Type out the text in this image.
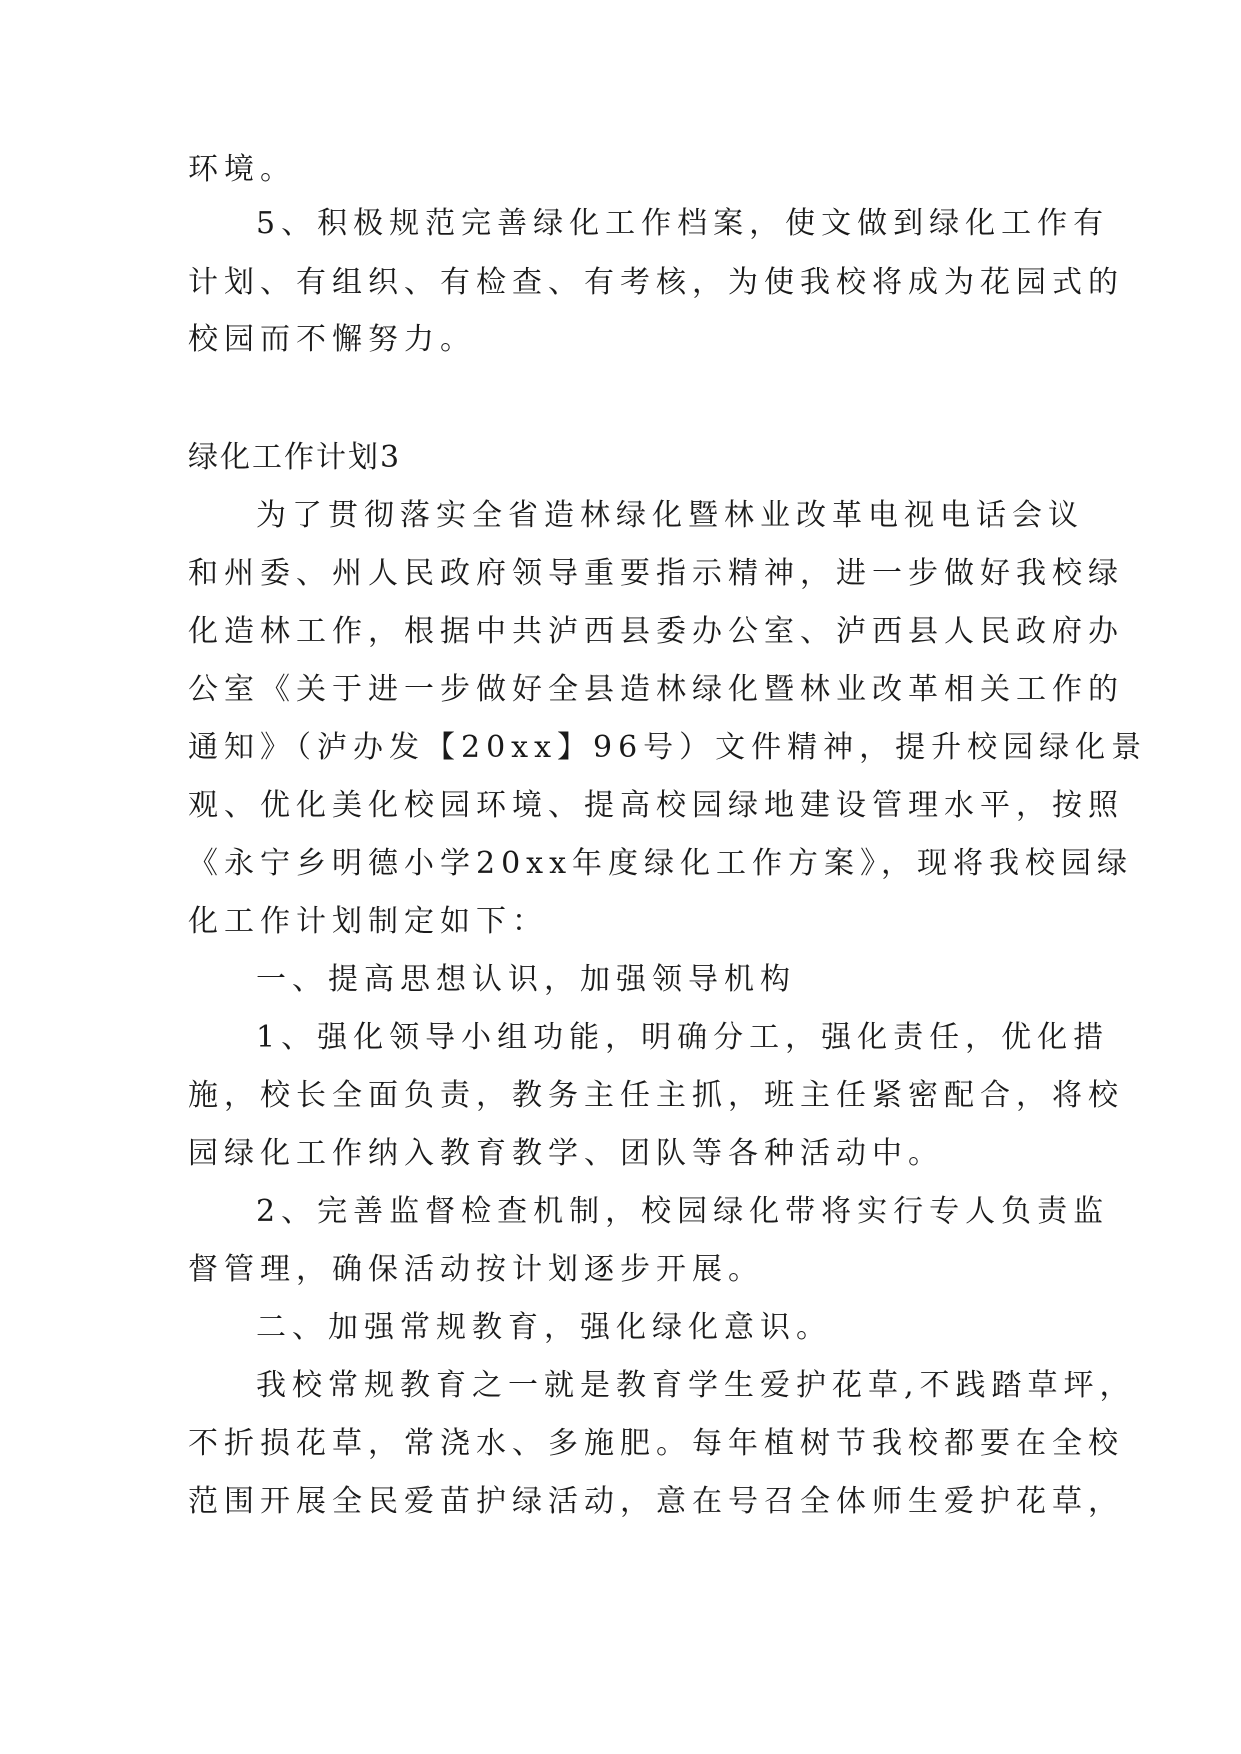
环境。

5、积极规范完善绿化工作档案，使文做到绿化工作有

计划、有组织、有检查、有考核，为使我校将成为花园式的

校园而不懈努力。

绿化工作计划3

为了贯彻落实全省造林绿化暨林业改革电视电话会议

和州委、州人民政府领导重要指示精神，进一步做好我校绿

化造林工作，根据中共泸西县委办公室、泸西县人民政府办

公室《关于进一步做好全县造林绿化暨林业改革相关工作的

通知》（泸办发【20xx】96号）文件精神，提升校园绿化景

观、优化美化校园环境、提高校园绿地建设管理水平，按照

《永宁乡明德小学20xx年度绿化工作方案》，现将我校园绿

化工作计划制定如下：

一、提高思想认识，加强领导机构

1、强化领导小组功能，明确分工，强化责任，优化措

施，校长全面负责，教务主任主抓，班主任紧密配合，将校

园绿化工作纳入教育教学、团队等各种活动中。

2、完善监督检查机制，校园绿化带将实行专人负责监

督管理，确保活动按计划逐步开展。

二、加强常规教育，强化绿化意识。

我校常规教育之一就是教育学生爱护花草,不践踏草坪，

不折损花草，常浇水、多施肥。每年植树节我校都要在全校

范围开展全民爱苗护绿活动，意在号召全体师生爱护花草，
